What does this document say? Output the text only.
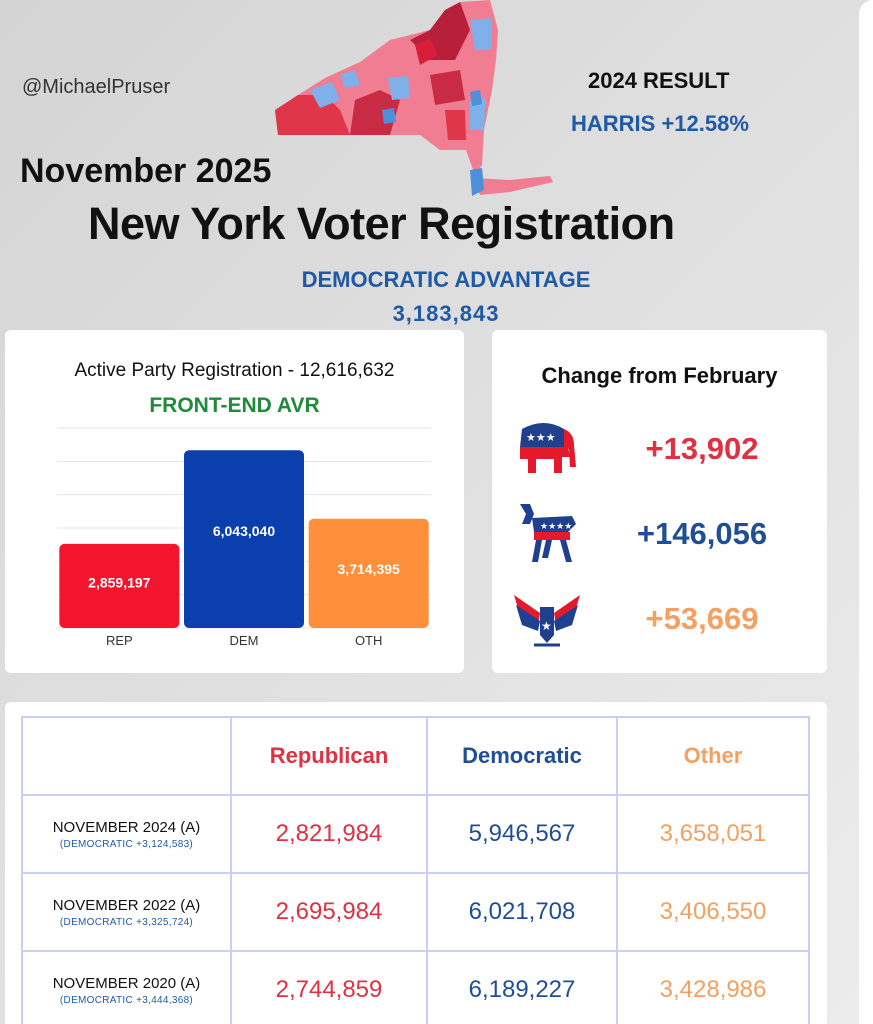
@MichaelPruser	2024 RESULT
HARRIS +12.58%
November 2025
New York Voter Registration
DEMOCRATIC ADVANTAGE
3,183,843
2,859,197
REP
6,043,040
DEM
3,714,395
OTH
Active Party Registration - 12,616,632
FRONT-END AVR
Change from February
★★★	+13,902
★★★★	+146,056
★	+53,669
	Republican	Democratic	Other

NOVEMBER 2024 (A)
(DEMOCRATIC +3,124,583)	2,821,984	5,946,567	3,658,051

NOVEMBER 2022 (A)
(DEMOCRATIC +3,325,724)	2,695,984	6,021,708	3,406,550

NOVEMBER 2020 (A)
(DEMOCRATIC +3,444,368)	2,744,859	6,189,227	3,428,986
